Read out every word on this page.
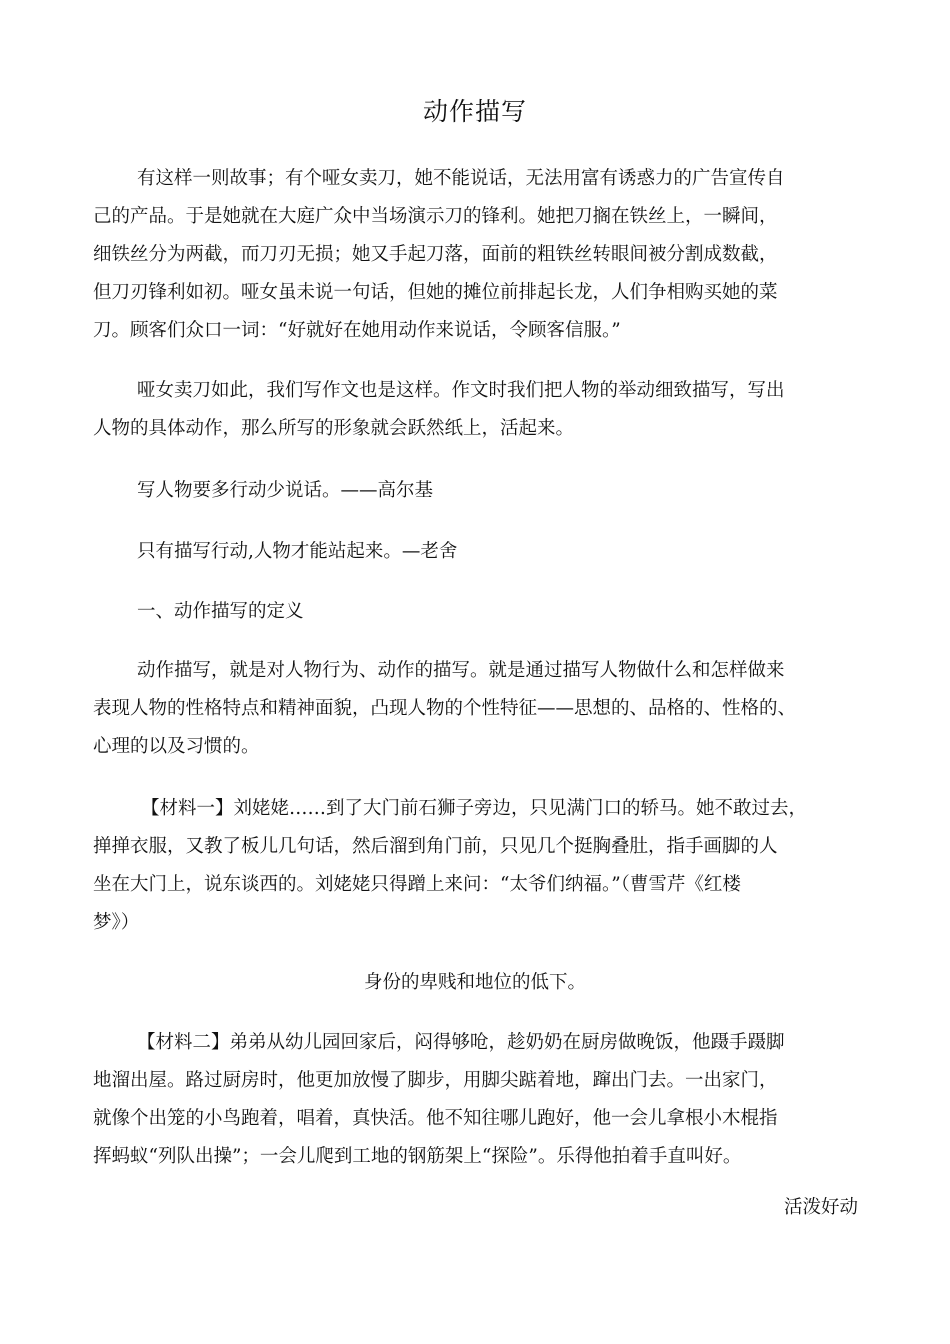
动作描写

有这样一则故事；有个哑女卖刀，她不能说话，无法用富有诱惑力的广告宣传自
己的产品。于是她就在大庭广众中当场演示刀的锋利。她把刀搁在铁丝上，一瞬间，
细铁丝分为两截，而刀刃无损；她又手起刀落，面前的粗铁丝转眼间被分割成数截，
但刀刃锋利如初。哑女虽未说一句话，但她的摊位前排起长龙，人们争相购买她的菜
刀。顾客们众口一词：“好就好在她用动作来说话，令顾客信服。”

哑女卖刀如此，我们写作文也是这样。作文时我们把人物的举动细致描写，写出
人物的具体动作，那么所写的形象就会跃然纸上，活起来。

写人物要多行动少说话。——高尔基

只有描写行动,人物才能站起来。—老舍

一、动作描写的定义

动作描写，就是对人物行为、动作的描写。就是通过描写人物做什么和怎样做来
表现人物的性格特点和精神面貌，凸现人物的个性特征——思想的、品格的、性格的、
心理的以及习惯的。

【材料一】刘姥姥……到了大门前石狮子旁边，只见满门口的轿马。她不敢过去，
掸掸衣服，又教了板儿几句话，然后溜到角门前，只见几个挺胸叠肚，指手画脚的人
坐在大门上，说东谈西的。刘姥姥只得蹭上来问：“太爷们纳福。”（曹雪芹《红楼
梦》）

身份的卑贱和地位的低下。

【材料二】弟弟从幼儿园回家后，闷得够呛，趁奶奶在厨房做晚饭，他蹑手蹑脚
地溜出屋。路过厨房时，他更加放慢了脚步，用脚尖踮着地，蹿出门去。一出家门，
就像个出笼的小鸟跑着，唱着，真快活。他不知往哪儿跑好，他一会儿拿根小木棍指
挥蚂蚁“列队出操”；一会儿爬到工地的钢筋架上“探险”。乐得他拍着手直叫好。

活泼好动
